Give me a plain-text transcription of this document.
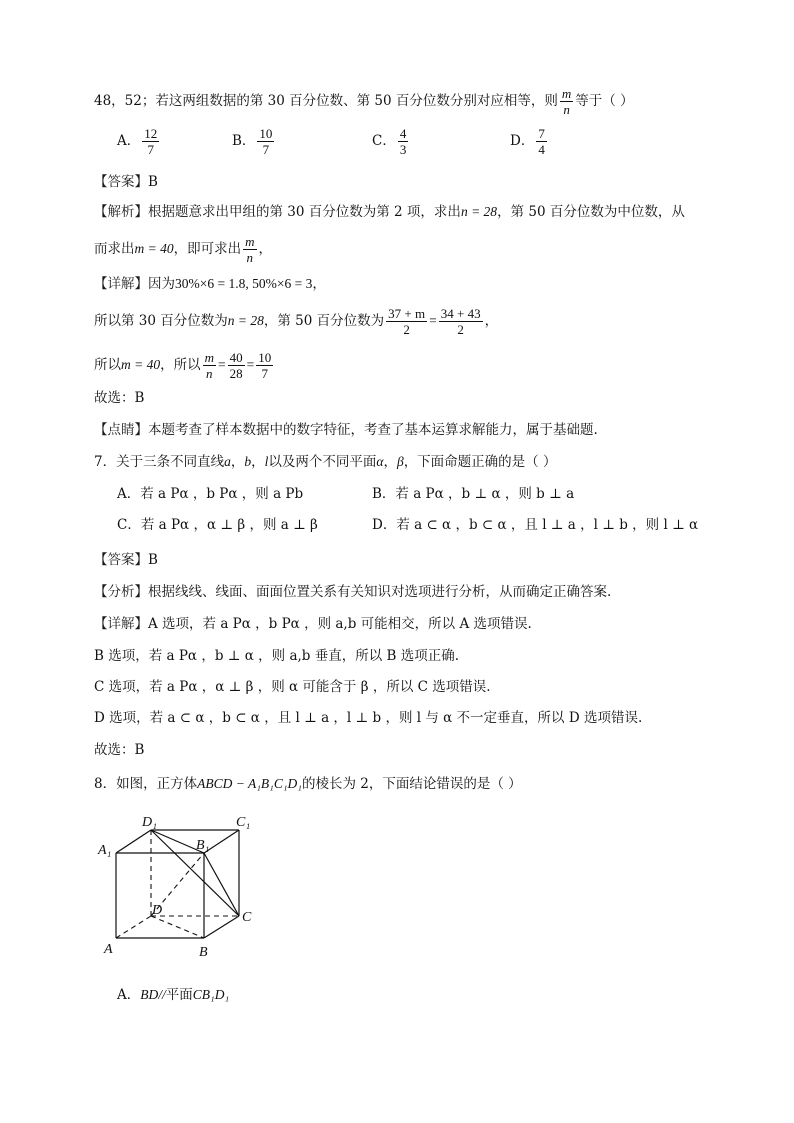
48，52；若这两组数据的第 30 百分位数、第 50 百分位数分别对应相等，则 $\frac{m}{n}$ 等于（ ）
A． $\frac{12}{7}$	B． $\frac{10}{7}$	C． $\frac{4}{3}$	D． $\frac{7}{4}$
【答案】B
【解析】根据题意求出甲组的第 30 百分位数为第 2 项，求出n = 28，第 50 百分位数为中位数，从
而求出m = 40，即可求出 $\frac{m}{n}$ ，
【详解】因为30%×6 = 1.8, 50%×6 = 3，
所以第 30 百分位数为n = 28，第 50 百分位数为 $\frac{37 + m}{2} = \frac{34 + 43}{2}$ ，
所以m = 40，所以 $\frac{m}{n} = \frac{40}{28} = \frac{10}{7}$
故选：B
【点睛】本题考查了样本数据中的数字特征，考查了基本运算求解能力，属于基础题.
7．关于三条不同直线a，b，l以及两个不同平面α，β，下面命题正确的是（ ）
A．若 a Pα ，b Pα ，则 a Pb	B．若 a Pα ，b ⊥ α ，则 b ⊥ a
C．若 a Pα ，α ⊥ β ，则 a ⊥ β	D．若 a ⊂ α ，b ⊂ α ，且 l ⊥ a ，l ⊥ b ，则 l ⊥ α
【答案】B
【分析】根据线线、线面、面面位置关系有关知识对选项进行分析，从而确定正确答案.
【详解】A 选项，若 a Pα ，b Pα ，则 a,b 可能相交，所以 A 选项错误.
B 选项，若 a Pα ，b ⊥ α ，则 a,b 垂直，所以 B 选项正确.
C 选项，若 a Pα ，α ⊥ β ，则 α 可能含于 β ，所以 C 选项错误.
D 选项，若 a ⊂ α ，b ⊂ α ，且 l ⊥ a ，l ⊥ b ，则 l 与 α 不一定垂直，所以 D 选项错误.
故选：B
8．如图，正方体ABCD − A₁B₁C₁D₁的棱长为 2，下面结论错误的是（ ）
D₁	C₁
A₁	B₁
D	C
A	B
A．BD//平面CB₁D₁
